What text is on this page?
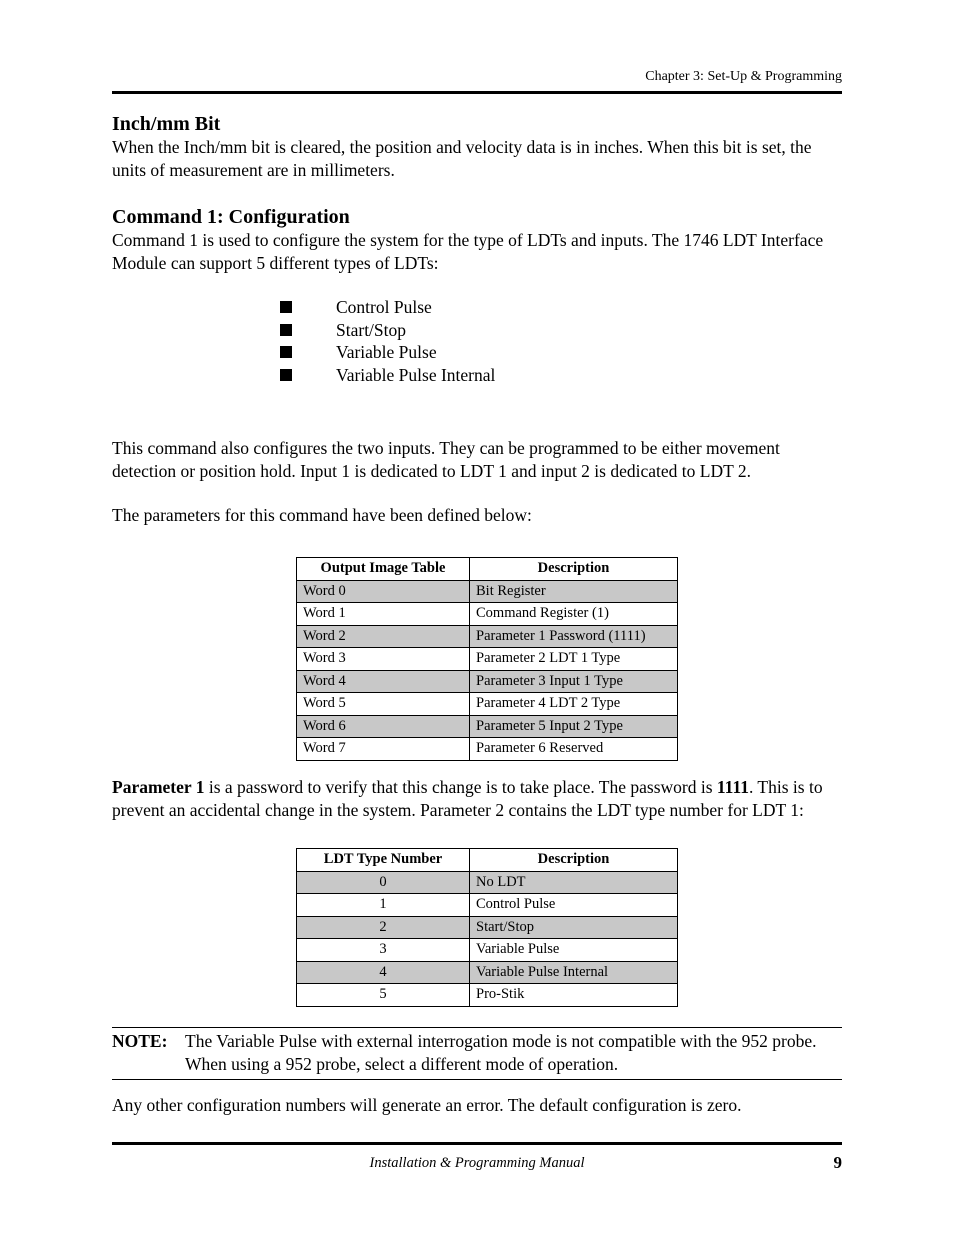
Chapter 3: Set-Up & Programming
Inch/mm Bit

When the Inch/mm bit is cleared, the position and velocity data is in inches. When this bit is set, the units of measurement are in millimeters.

Command 1: Configuration

Command 1 is used to configure the system for the type of LDTs and inputs. The 1746 LDT Interface Module can support 5 different types of LDTs:

Control Pulse
Start/Stop
Variable Pulse
Variable Pulse Internal

This command also configures the two inputs. They can be programmed to be either movement detection or position hold. Input 1 is dedicated to LDT 1 and input 2 is dedicated to LDT 2.

The parameters for this command have been defined below:

Output Image Table	Description
Word 0	Bit Register
Word 1	Command Register (1)
Word 2	Parameter 1 Password (1111)
Word 3	Parameter 2 LDT 1 Type
Word 4	Parameter 3 Input 1 Type
Word 5	Parameter 4 LDT 2 Type
Word 6	Parameter 5 Input 2 Type
Word 7	Parameter 6 Reserved

Parameter 1 is a password to verify that this change is to take place. The password is 1111. This is to prevent an accidental change in the system. Parameter 2 contains the LDT type number for LDT 1:

LDT Type Number	Description
0	No LDT
1	Control Pulse
2	Start/Stop
3	Variable Pulse
4	Variable Pulse Internal
5	Pro-Stik
NOTE:	The Variable Pulse with external interrogation mode is not compatible with the 952 probe. When using a 952 probe, select a different mode of operation.

Any other configuration numbers will generate an error. The default configuration is zero.

Installation & Programming Manual	9
